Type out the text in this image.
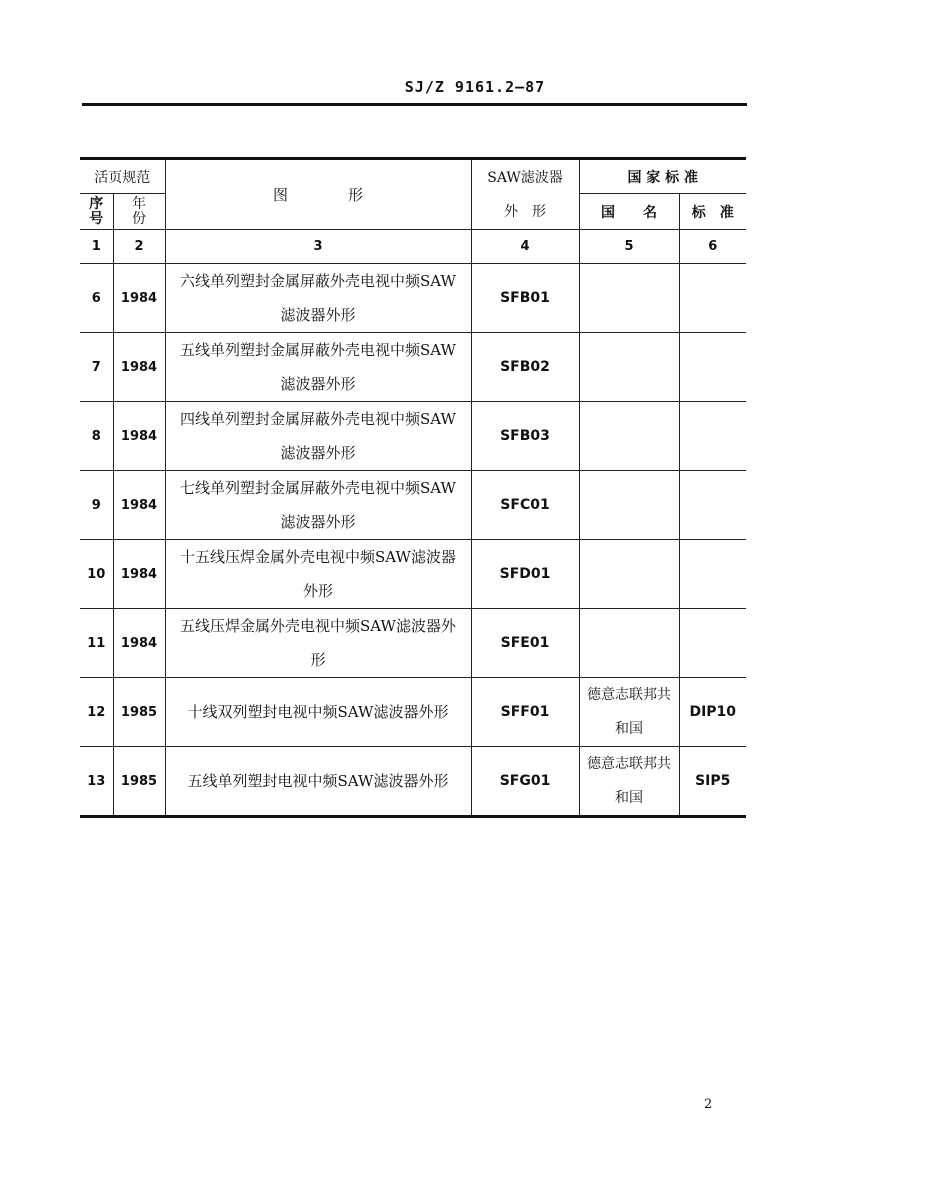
SJ/Z 9161.2—87
活页规范		图　　　　形	SAW滤波器	国 家 标 准	
序号	年份		外　形	国　　名	标　准
1	2	3	4	5	6
6	1984	六线单列塑封金属屏蔽外壳电视中频SAW滤波器外形	SFB01		
7	1984	五线单列塑封金属屏蔽外壳电视中频SAW滤波器外形	SFB02		
8	1984	四线单列塑封金属屏蔽外壳电视中频SAW滤波器外形	SFB03		
9	1984	七线单列塑封金属屏蔽外壳电视中频SAW滤波器外形	SFC01		
10	1984	十五线压焊金属外壳电视中频SAW滤波器外形	SFD01		
11	1984	五线压焊金属外壳电视中频SAW滤波器外形	SFE01		
12	1985	十线双列塑封电视中频SAW滤波器外形	SFF01	德意志联邦共和国	DIP10
13	1985	五线单列塑封电视中频SAW滤波器外形	SFG01	德意志联邦共和国	SIP5
2
